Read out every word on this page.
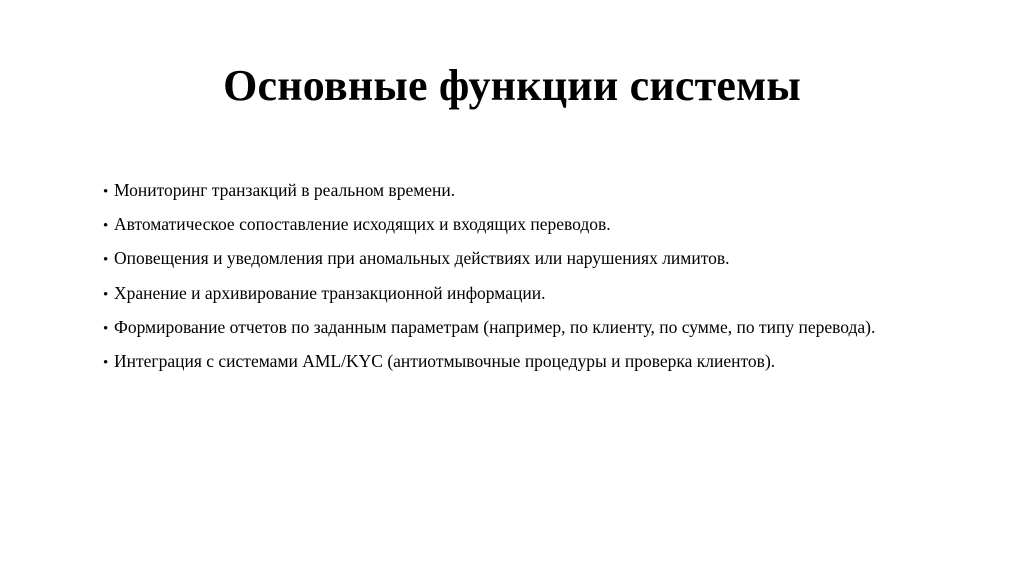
Основные функции системы
• Мониторинг транзакций в реальном времени.
• Автоматическое сопоставление исходящих и входящих переводов.
• Оповещения и уведомления при аномальных действиях или нарушениях лимитов.
• Хранение и архивирование транзакционной информации.
• Формирование отчетов по заданным параметрам (например, по клиенту, по сумме, по типу перевода).
• Интеграция с системами AML/KYC (антиотмывочные процедуры и проверка клиентов).
